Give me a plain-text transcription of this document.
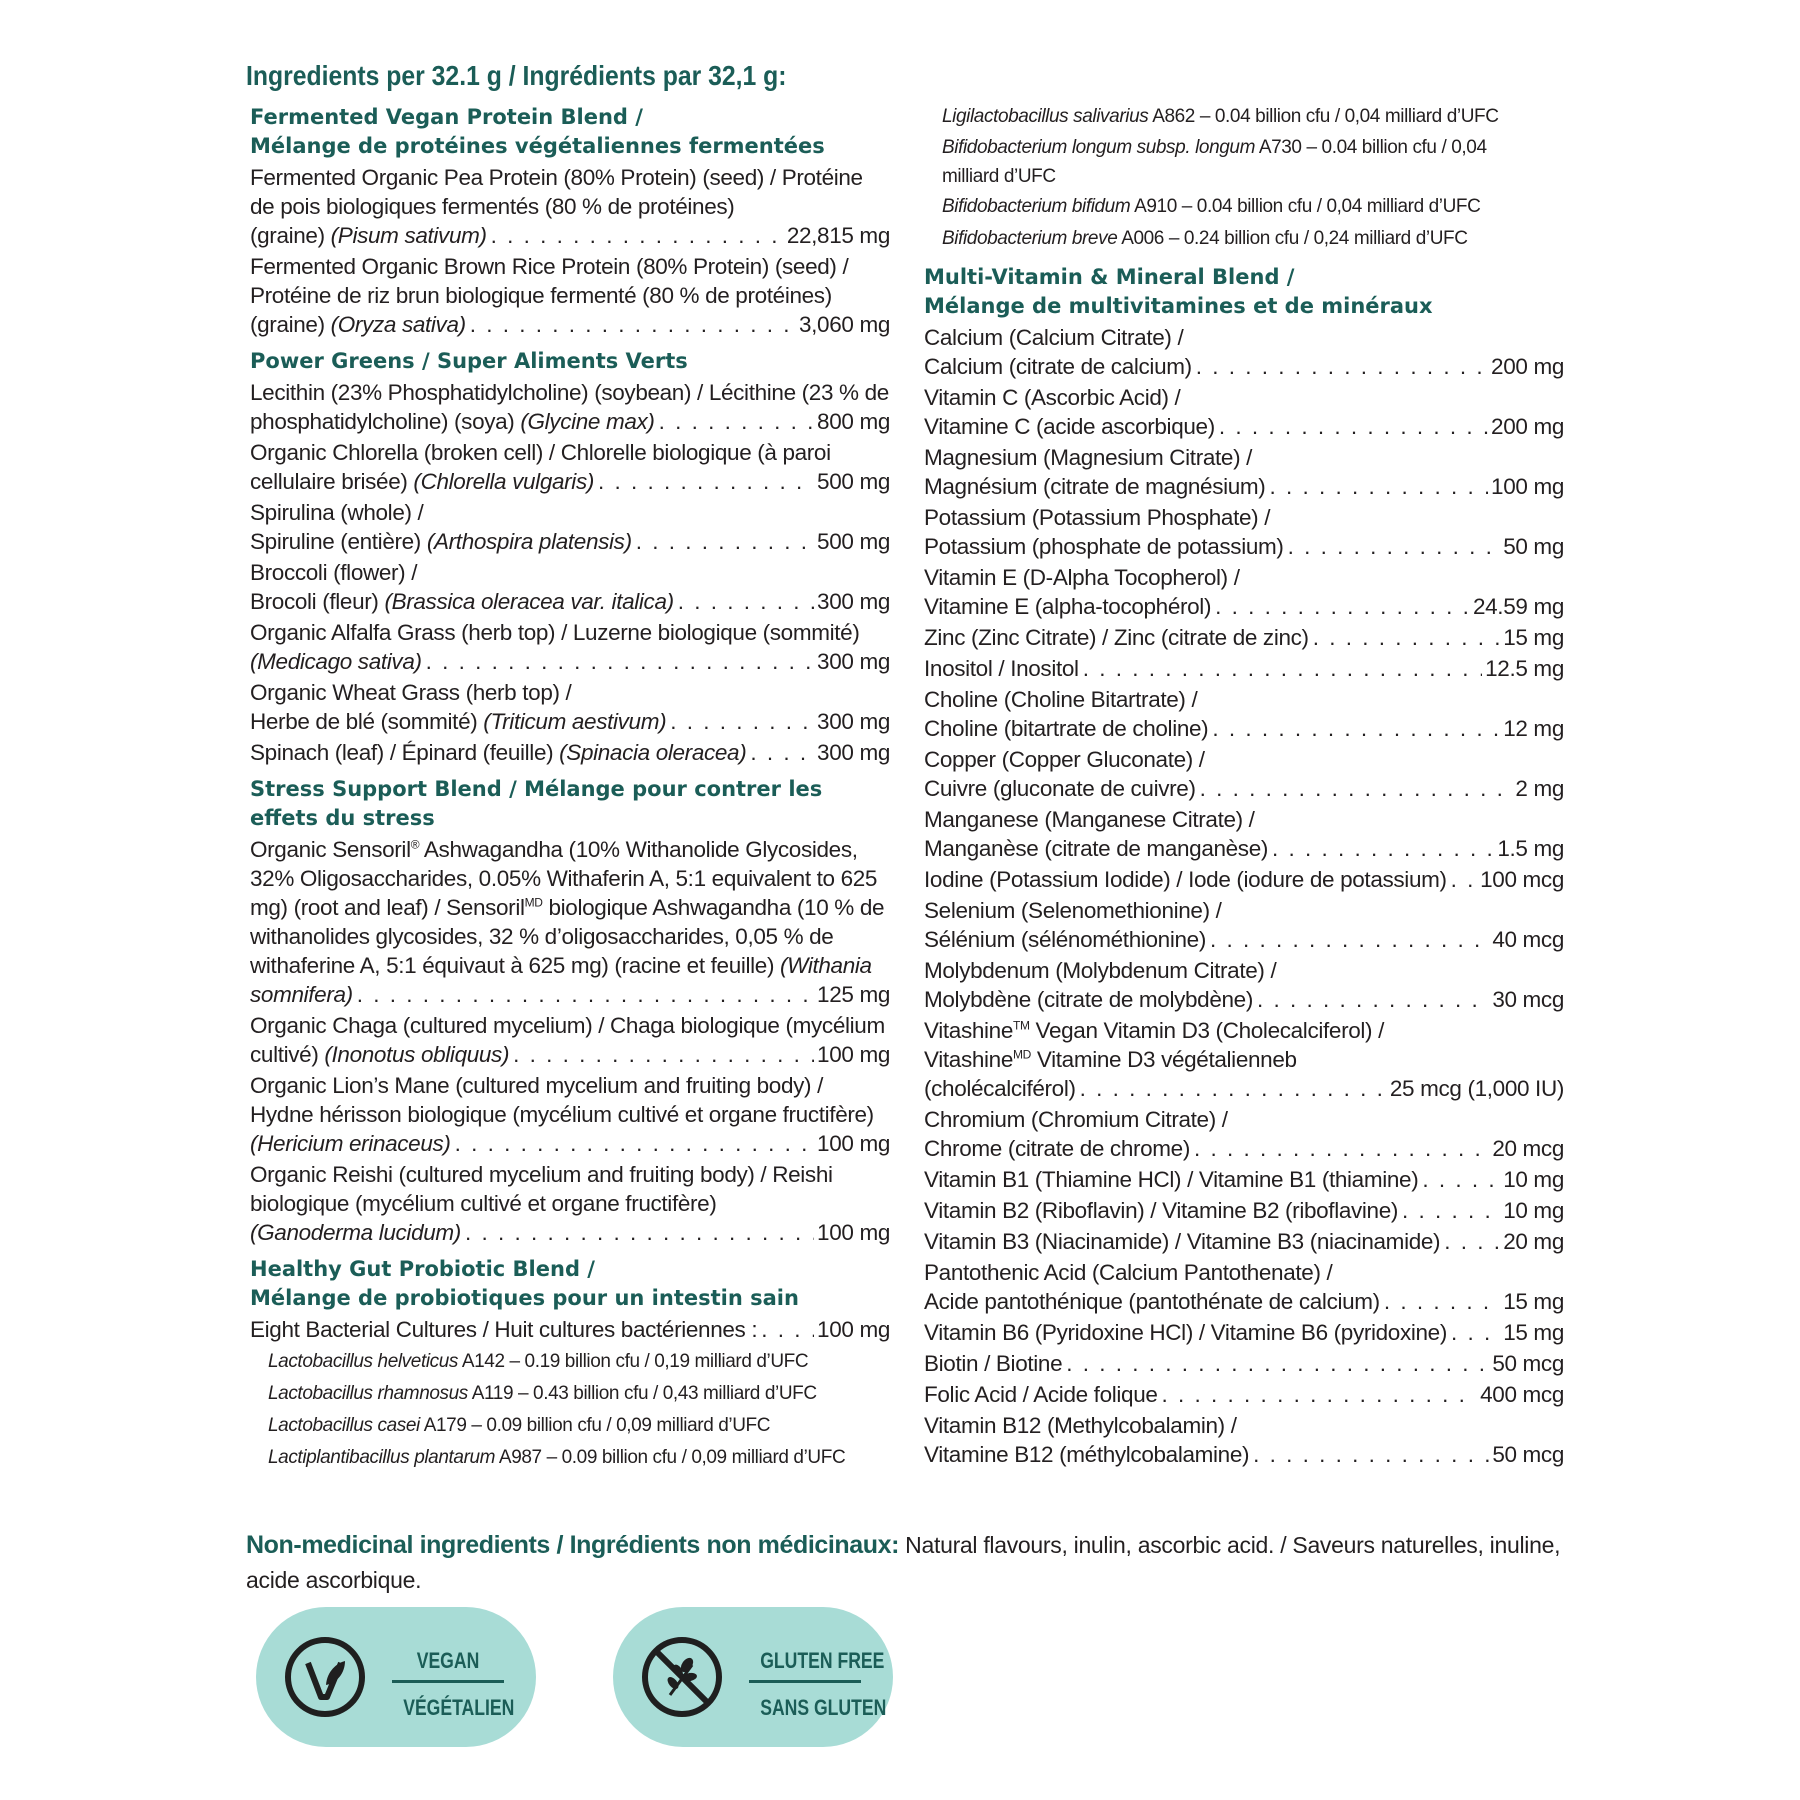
Ingredients per 32.1 g / Ingrédients par 32,1 g:
Fermented Vegan Protein Blend /
Mélange de protéines végétaliennes fermentées
Fermented Organic Pea Protein (80% Protein) (seed) / Protéine de pois biologiques fermentés (80 % de protéines)
(graine) (Pisum sativum) . . .	22,815 mg
Fermented Organic Brown Rice Protein (80% Protein) (seed) / Protéine de riz brun biologique fermenté (80 % de protéines)
(graine) (Oryza sativa) . . .	3,060 mg
Power Greens / Super Aliments Verts
Lecithin (23% Phosphatidylcholine) (soybean) / Lécithine (23 % de
phosphatidylcholine) (soya) (Glycine max) . . .	800 mg
Organic Chlorella (broken cell) / Chlorelle biologique (à paroi
cellulaire brisée) (Chlorella vulgaris) . . .	500 mg
Spirulina (whole) /
Spiruline (entière) (Arthospira platensis) . . .	500 mg
Broccoli (flower) /
Brocoli (fleur) (Brassica oleracea var. italica) . . .	300 mg
Organic Alfalfa Grass (herb top) / Luzerne biologique (sommité)
(Medicago sativa) . . .	300 mg
Organic Wheat Grass (herb top) /
Herbe de blé (sommité) (Triticum aestivum) . . .	300 mg
Spinach (leaf) / Épinard (feuille) (Spinacia oleracea) . . .	300 mg
Stress Support Blend / Mélange pour contrer les
effets du stress
Organic Sensoril® Ashwagandha (10% Withanolide Glycosides, 32% Oligosaccharides, 0.05% Withaferin A, 5:1 equivalent to 625 mg) (root and leaf) / Sensoril$^{MD}$ biologique Ashwagandha (10 % de withanolides glycosides, 32 % d’oligosaccharides, 0,05 % de withaferine A, 5:1 équivaut à 625 mg) (racine et feuille) (Withania
somnifera) . . .	125 mg
Organic Chaga (cultured mycelium) / Chaga biologique (mycélium
cultivé) (Inonotus obliquus) . . .	100 mg
Organic Lion’s Mane (cultured mycelium and fruiting body) / Hydne hérisson biologique (mycélium cultivé et organe fructifère)
(Hericium erinaceus) . . .	100 mg
Organic Reishi (cultured mycelium and fruiting body) / Reishi biologique (mycélium cultivé et organe fructifère)
(Ganoderma lucidum) . . .	100 mg
Healthy Gut Probiotic Blend /
Mélange de probiotiques pour un intestin sain
Eight Bacterial Cultures / Huit cultures bactériennes : . . .	100 mg
Lactobacillus helveticus A142 – 0.19 billion cfu / 0,19 milliard d’UFC
Lactobacillus rhamnosus A119 – 0.43 billion cfu / 0,43 milliard d’UFC
Lactobacillus casei A179 – 0.09 billion cfu / 0,09 milliard d’UFC
Lactiplantibacillus plantarum A987 – 0.09 billion cfu / 0,09 milliard d’UFC
Ligilactobacillus salivarius A862 – 0.04 billion cfu / 0,04 milliard d’UFC
Bifidobacterium longum subsp. longum A730 – 0.04 billion cfu / 0,04 milliard d’UFC
Bifidobacterium bifidum A910 – 0.04 billion cfu / 0,04 milliard d’UFC
Bifidobacterium breve A006 – 0.24 billion cfu / 0,24 milliard d’UFC
Multi-Vitamin & Mineral Blend /
Mélange de multivitamines et de minéraux
Calcium (Calcium Citrate) /
Calcium (citrate de calcium) . . .	200 mg
Vitamin C (Ascorbic Acid) /
Vitamine C (acide ascorbique) . . .	200 mg
Magnesium (Magnesium Citrate) /
Magnésium (citrate de magnésium) . . .	100 mg
Potassium (Potassium Phosphate) /
Potassium (phosphate de potassium) . . .	50 mg
Vitamin E (D-Alpha Tocopherol) /
Vitamine E (alpha-tocophérol) . . .	24.59 mg
Zinc (Zinc Citrate) / Zinc (citrate de zinc) . . .	15 mg
Inositol / Inositol . . .	12.5 mg
Choline (Choline Bitartrate) /
Choline (bitartrate de choline) . . .	12 mg
Copper (Copper Gluconate) /
Cuivre (gluconate de cuivre) . . .	2 mg
Manganese (Manganese Citrate) /
Manganèse (citrate de manganèse) . . .	1.5 mg
Iodine (Potassium Iodide) / Iode (iodure de potassium) . . . 100 mcg
Selenium (Selenomethionine) /
Sélénium (sélénométhionine) . . .	40 mcg
Molybdenum (Molybdenum Citrate) /
Molybdène (citrate de molybdène) . . .	30 mcg
Vitashine™ Vegan Vitamin D3 (Cholecalciferol) /
Vitashine$^{MD}$ Vitamine D3 végétalienneb
(cholécalciférol) . . .	25 mcg (1,000 IU)
Chromium (Chromium Citrate) /
Chrome (citrate de chrome) . . .	20 mcg
Vitamin B1 (Thiamine HCl) / Vitamine B1 (thiamine) . . .	10 mg
Vitamin B2 (Riboflavin) / Vitamine B2 (riboflavine) . . .	10 mg
Vitamin B3 (Niacinamide) / Vitamine B3 (niacinamide) . . .	20 mg
Pantothenic Acid (Calcium Pantothenate) /
Acide pantothénique (pantothénate de calcium) . . .	15 mg
Vitamin B6 (Pyridoxine HCl) / Vitamine B6 (pyridoxine) . . . 15 mg
Biotin / Biotine . . .	50 mcg
Folic Acid / Acide folique . . .	400 mcg
Vitamin B12 (Methylcobalamin) /
Vitamine B12 (méthylcobalamine) . . .	50 mcg
Non-medicinal ingredients / Ingrédients non médicinaux: Natural flavours, inulin, ascorbic acid. / Saveurs naturelles, inuline, acide ascorbique.
VEGAN
VÉGÉTALIEN
GLUTEN FREE
SANS GLUTEN
